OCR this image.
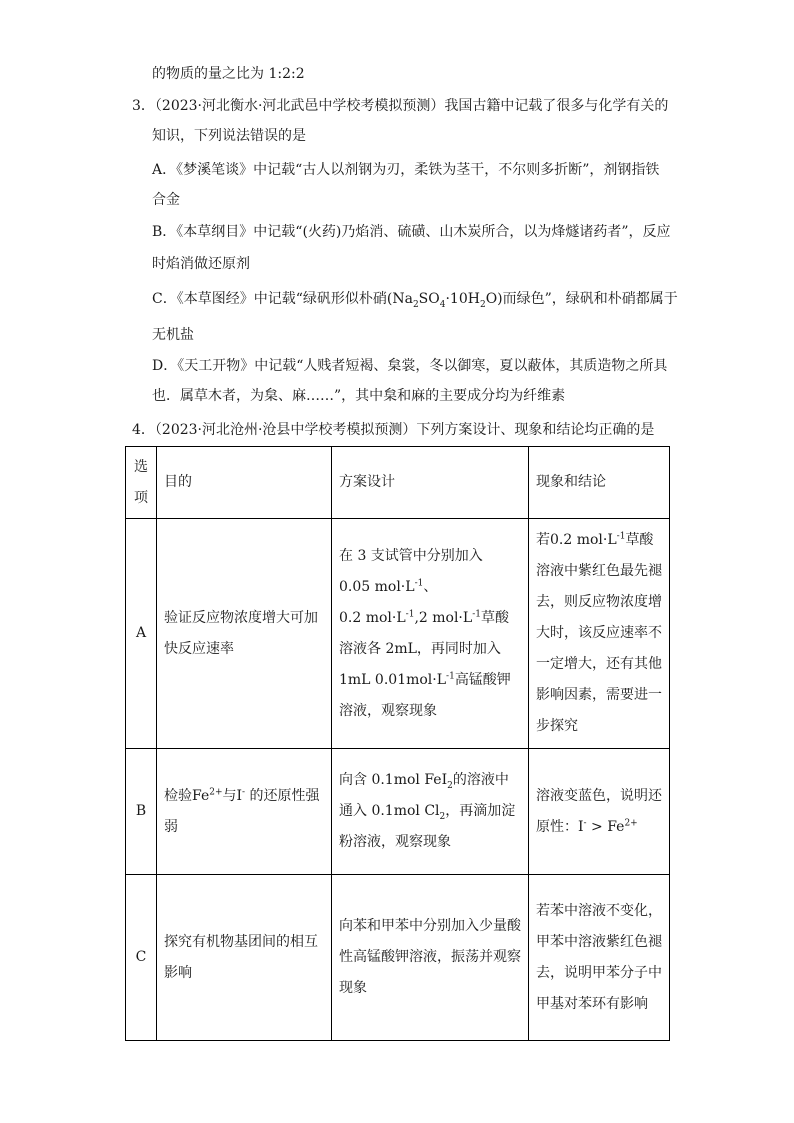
的物质的量之比为 1:2:2
3．（2023·河北衡水·河北武邑中学校考模拟预测）我国古籍中记载了很多与化学有关的
知识，下列说法错误的是
A．《梦溪笔谈》中记载“古人以剂钢为刃，柔铁为茎干，不尔则多折断”，剂钢指铁
合金
B．《本草纲目》中记载“(火药)乃焰消、硫磺、山木炭所合，以为烽燧诸药者”，反应
时焰消做还原剂
C．《本草图经》中记载“绿矾形似朴硝$(Na_2SO_4\cdot 10H_2O)$而绿色”，绿矾和朴硝都属于
无机盐
D．《天工开物》中记载“人贱者短褐、枲裳，冬以御寒，夏以蔽体，其质造物之所具
也．属草木者，为枲、麻……”，其中枲和麻的主要成分均为纤维素
4．（2023·河北沧州·沧县中学校考模拟预测）下列方案设计、现象和结论均正确的是
选项	目的	方案设计	现象和结论
A	验证反应物浓度增大可加快反应速率	在 3 支试管中分别加入
0.05 $mol\cdot L^{-1}$、
0.2 $mol\cdot L^{-1},2$ $mol\cdot L^{-1}$草酸溶液各 2mL，再同时加入 1mL $0.01mol\cdot L^{-1}$高锰酸钾溶液，观察现象	若0.2 $mol\cdot L^{-1}$草酸溶液中紫红色最先褪去，则反应物浓度增大时，该反应速率不一定增大，还有其他影响因素，需要进一步探究

B	检验$Fe^{2+}$与I- 的还原性强弱	向含 0.1mol FeI$_2$的溶液中通入 0.1mol $Cl_2$，再滴加淀粉溶液，观察现象	溶液变蓝色，说明还原性：$I^- > Fe^{2+}$

C	探究有机物基团间的相互影响	向苯和甲苯中分别加入少量酸性高锰酸钾溶液，振荡并观察现象	若苯中溶液不变化，甲苯中溶液紫红色褪去，说明甲苯分子中甲基对苯环有影响
